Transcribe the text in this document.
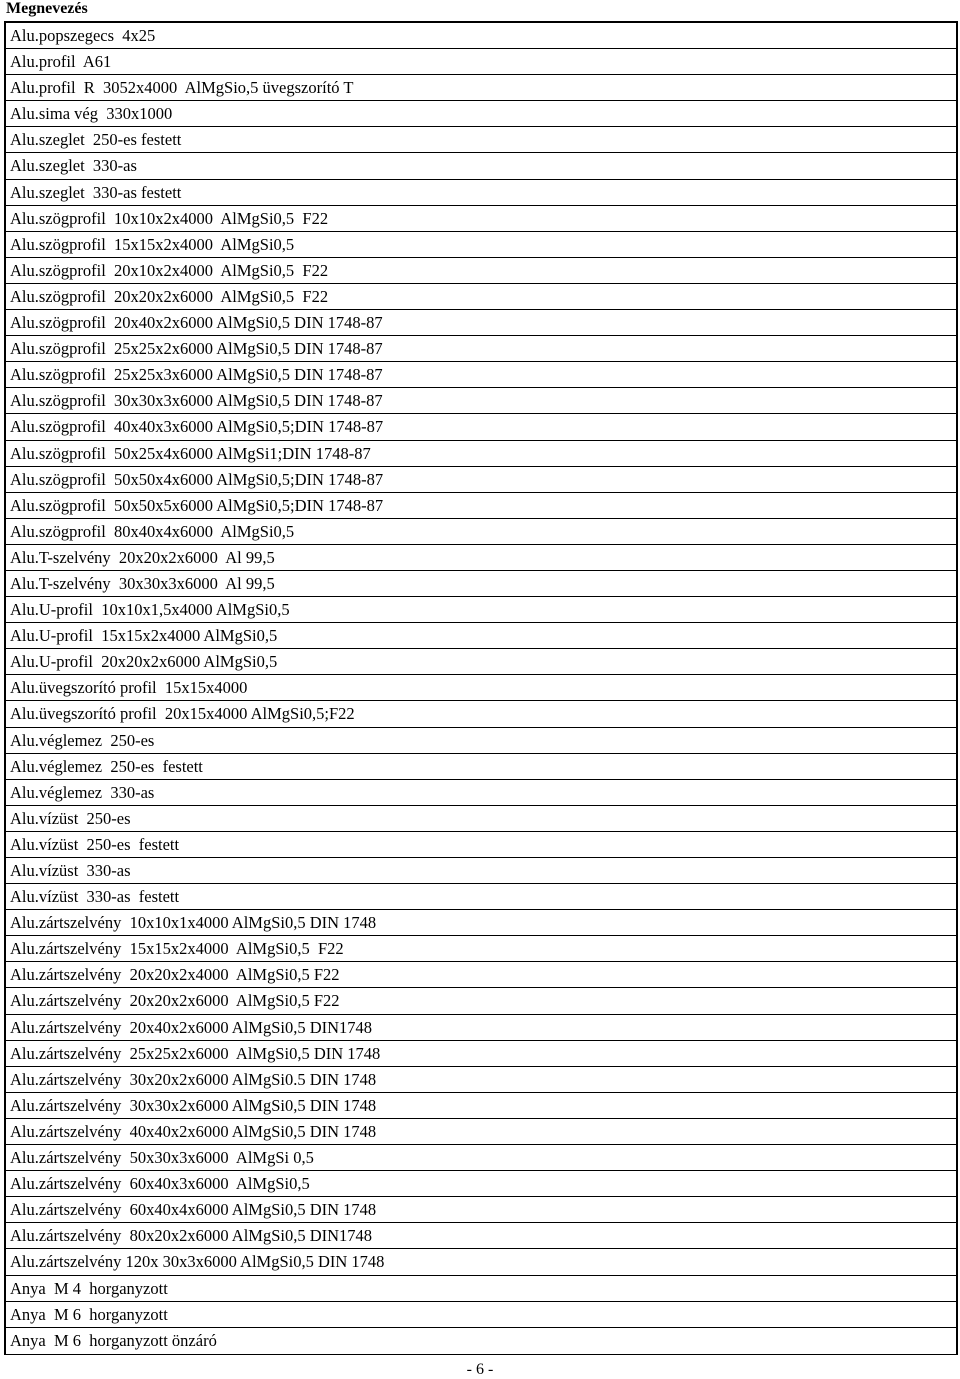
Megnevezés
Alu.popszegecs  4x25
Alu.profil  A61
Alu.profil  R  3052x4000  AlMgSio,5 üvegszorító T
Alu.sima vég  330x1000
Alu.szeglet  250-es festett
Alu.szeglet  330-as
Alu.szeglet  330-as festett
Alu.szögprofil  10x10x2x4000  AlMgSi0,5  F22
Alu.szögprofil  15x15x2x4000  AlMgSi0,5
Alu.szögprofil  20x10x2x4000  AlMgSi0,5  F22
Alu.szögprofil  20x20x2x6000  AlMgSi0,5  F22
Alu.szögprofil  20x40x2x6000 AlMgSi0,5 DIN 1748-87
Alu.szögprofil  25x25x2x6000 AlMgSi0,5 DIN 1748-87
Alu.szögprofil  25x25x3x6000 AlMgSi0,5 DIN 1748-87
Alu.szögprofil  30x30x3x6000 AlMgSi0,5 DIN 1748-87
Alu.szögprofil  40x40x3x6000 AlMgSi0,5;DIN 1748-87
Alu.szögprofil  50x25x4x6000 AlMgSi1;DIN 1748-87
Alu.szögprofil  50x50x4x6000 AlMgSi0,5;DIN 1748-87
Alu.szögprofil  50x50x5x6000 AlMgSi0,5;DIN 1748-87
Alu.szögprofil  80x40x4x6000  AlMgSi0,5
Alu.T-szelvény  20x20x2x6000  Al 99,5
Alu.T-szelvény  30x30x3x6000  Al 99,5
Alu.U-profil  10x10x1,5x4000 AlMgSi0,5
Alu.U-profil  15x15x2x4000 AlMgSi0,5
Alu.U-profil  20x20x2x6000 AlMgSi0,5
Alu.üvegszorító profil  15x15x4000
Alu.üvegszorító profil  20x15x4000 AlMgSi0,5;F22
Alu.véglemez  250-es
Alu.véglemez  250-es  festett
Alu.véglemez  330-as
Alu.vízüst  250-es
Alu.vízüst  250-es  festett
Alu.vízüst  330-as
Alu.vízüst  330-as  festett
Alu.zártszelvény  10x10x1x4000 AlMgSi0,5 DIN 1748
Alu.zártszelvény  15x15x2x4000  AlMgSi0,5  F22
Alu.zártszelvény  20x20x2x4000  AlMgSi0,5 F22
Alu.zártszelvény  20x20x2x6000  AlMgSi0,5 F22
Alu.zártszelvény  20x40x2x6000 AlMgSi0,5 DIN1748
Alu.zártszelvény  25x25x2x6000  AlMgSi0,5 DIN 1748
Alu.zártszelvény  30x20x2x6000 AlMgSi0.5 DIN 1748
Alu.zártszelvény  30x30x2x6000 AlMgSi0,5 DIN 1748
Alu.zártszelvény  40x40x2x6000 AlMgSi0,5 DIN 1748
Alu.zártszelvény  50x30x3x6000  AlMgSi 0,5
Alu.zártszelvény  60x40x3x6000  AlMgSi0,5
Alu.zártszelvény  60x40x4x6000 AlMgSi0,5 DIN 1748
Alu.zártszelvény  80x20x2x6000 AlMgSi0,5 DIN1748
Alu.zártszelvény 120x 30x3x6000 AlMgSi0,5 DIN 1748
Anya  M 4  horganyzott
Anya  M 6  horganyzott
Anya  M 6  horganyzott önzáró
- 6 -
